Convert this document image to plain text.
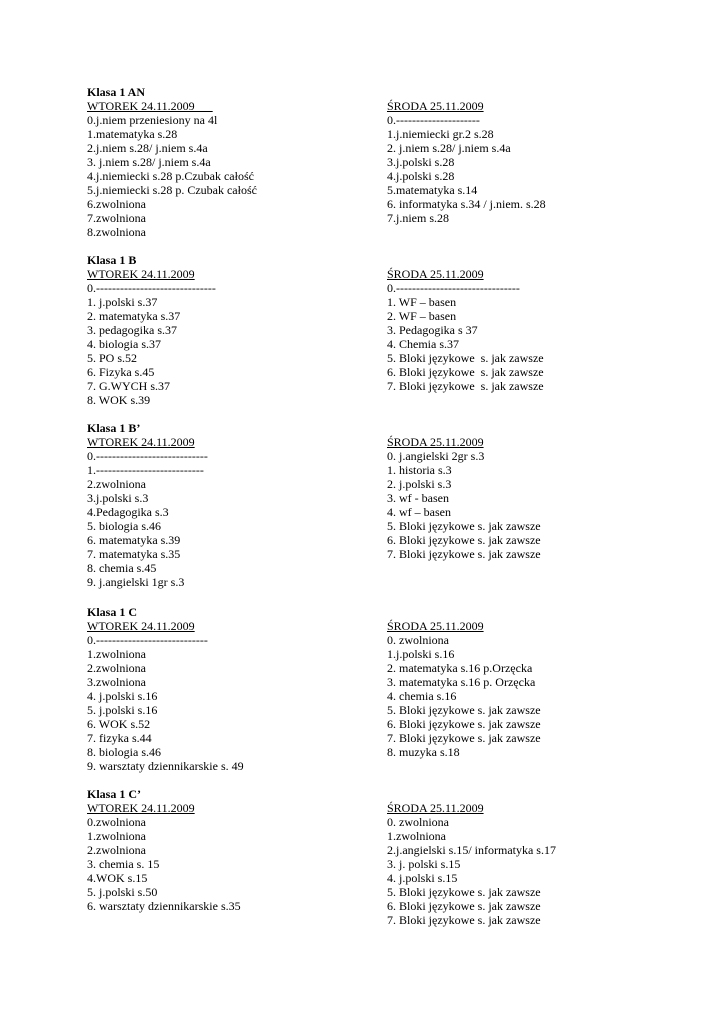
Klasa 1 AN
WTOREK 24.11.2009
0.j.niem przeniesiony na 4l
1.matematyka s.28
2.j.niem s.28/ j.niem s.4a
3. j.niem s.28/ j.niem s.4a
4.j.niemiecki s.28 p.Czubak całość
5.j.niemiecki s.28 p. Czubak całość
6.zwolniona
7.zwolniona
8.zwolniona
ŚRODA 25.11.2009
0.---------------------
1.j.niemiecki gr.2 s.28
2. j.niem s.28/ j.niem s.4a
3.j.polski s.28
4.j.polski s.28
5.matematyka s.14
6. informatyka s.34 / j.niem. s.28
7.j.niem s.28
Klasa 1 B
WTOREK 24.11.2009
0.------------------------------
1. j.polski s.37
2. matematyka s.37
3. pedagogika s.37
4. biologia s.37
5. PO s.52
6. Fizyka s.45
7. G.WYCH s.37
8. WOK s.39
ŚRODA 25.11.2009
0.-------------------------------
1. WF – basen
2. WF – basen
3. Pedagogika s 37
4. Chemia s.37
5. Bloki językowe  s. jak zawsze
6. Bloki językowe  s. jak zawsze
7. Bloki językowe  s. jak zawsze
Klasa 1 B’
WTOREK 24.11.2009
0.----------------------------
1.---------------------------
2.zwolniona
3.j.polski s.3
4.Pedagogika s.3
5. biologia s.46
6. matematyka s.39
7. matematyka s.35
8. chemia s.45
9. j.angielski 1gr s.3
ŚRODA 25.11.2009
0. j.angielski 2gr s.3
1. historia s.3
2. j.polski s.3
3. wf - basen
4. wf – basen
5. Bloki językowe s. jak zawsze
6. Bloki językowe s. jak zawsze
7. Bloki językowe s. jak zawsze
Klasa 1 C
WTOREK 24.11.2009
0.----------------------------
1.zwolniona
2.zwolniona
3.zwolniona
4. j.polski s.16
5. j.polski s.16
6. WOK s.52
7. fizyka s.44
8. biologia s.46
9. warsztaty dziennikarskie s. 49
ŚRODA 25.11.2009
0. zwolniona
1.j.polski s.16
2. matematyka s.16 p.Orzęcka
3. matematyka s.16 p. Orzęcka
4. chemia s.16
5. Bloki językowe s. jak zawsze
6. Bloki językowe s. jak zawsze
7. Bloki językowe s. jak zawsze
8. muzyka s.18
Klasa 1 C’
WTOREK 24.11.2009
0.zwolniona
1.zwolniona
2.zwolniona
3. chemia s. 15
4.WOK s.15
5. j.polski s.50
6. warsztaty dziennikarskie s.35
ŚRODA 25.11.2009
0. zwolniona
1.zwolniona
2.j.angielski s.15/ informatyka s.17
3. j. polski s.15
4. j.polski s.15
5. Bloki językowe s. jak zawsze
6. Bloki językowe s. jak zawsze
7. Bloki językowe s. jak zawsze
